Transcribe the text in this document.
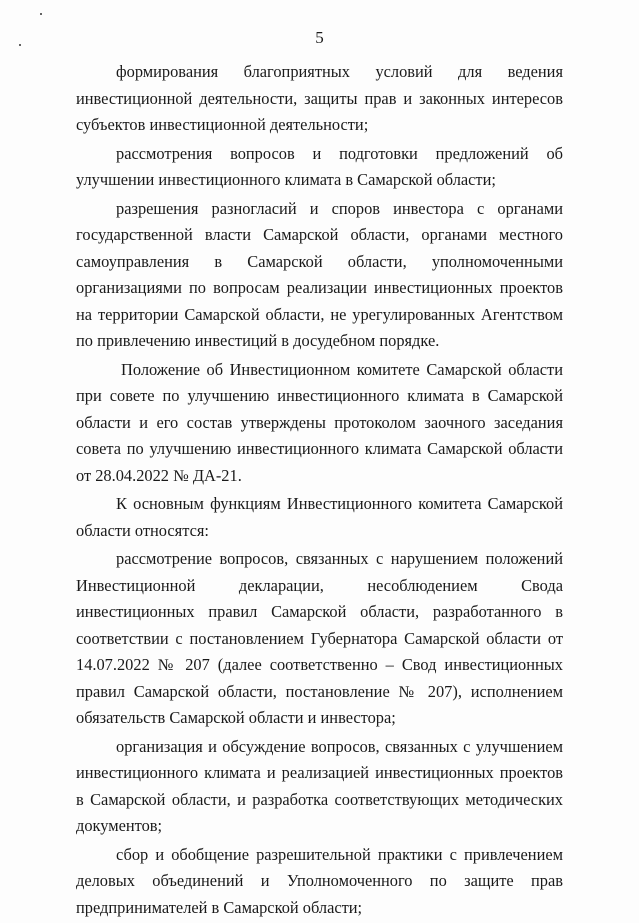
5

формирования благоприятных условий для ведения инвестиционной деятельности, защиты прав и законных интересов субъектов инвестиционной деятельности;

рассмотрения вопросов и подготовки предложений об улучшении инвестиционного климата в Самарской области;

разрешения разногласий и споров инвестора с органами государственной власти Самарской области, органами местного самоуправления в Самарской области, уполномоченными организациями по вопросам реализации инвестиционных проектов на территории Самарской области, не урегулированных Агентством по привлечению инвестиций в досудебном порядке.

Положение об Инвестиционном комитете Самарской области при совете по улучшению инвестиционного климата в Самарской области и его состав утверждены протоколом заочного заседания совета по улучшению инвестиционного климата Самарской области от 28.04.2022 № ДА-21.

К основным функциям Инвестиционного комитета Самарской области относятся:

рассмотрение вопросов, связанных с нарушением положений Инвестиционной декларации, несоблюдением Свода инвестиционных правил Самарской области, разработанного в соответствии с постановлением Губернатора Самарской области от 14.07.2022 № 207 (далее соответственно – Свод инвестиционных правил Самарской области, постановление № 207), исполнением обязательств Самарской области и инвестора;

организация и обсуждение вопросов, связанных с улучшением инвестиционного климата и реализацией инвестиционных проектов в Самарской области, и разработка соответствующих методических документов;

сбор и обобщение разрешительной практики с привлечением деловых объединений и Уполномоченного по защите прав предпринимателей в Самарской области;
